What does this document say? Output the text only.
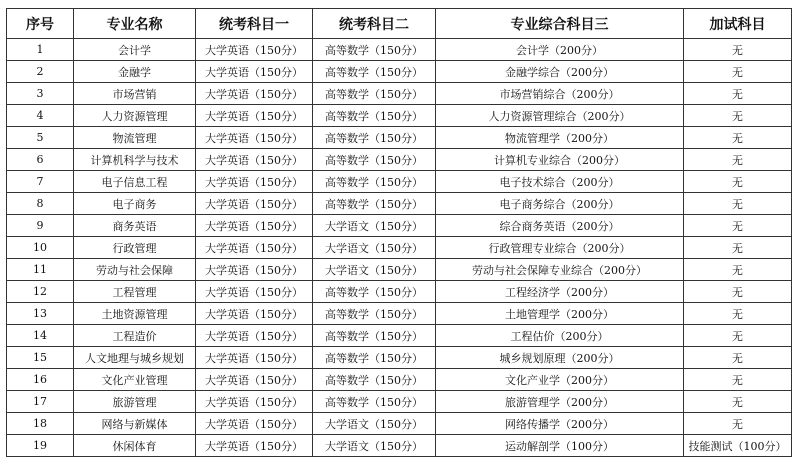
序号	专业名称	统考科目一	统考科目二	专业综合科目三	加试科目
1	会计学	大学英语（150分）	高等数学（150分）	会计学（200分）	无
2	金融学	大学英语（150分）	高等数学（150分）	金融学综合（200分）	无
3	市场营销	大学英语（150分）	高等数学（150分）	市场营销综合（200分）	无
4	人力资源管理	大学英语（150分）	高等数学（150分）	人力资源管理综合（200分）	无
5	物流管理	大学英语（150分）	高等数学（150分）	物流管理学（200分）	无
6	计算机科学与技术	大学英语（150分）	高等数学（150分）	计算机专业综合（200分）	无
7	电子信息工程	大学英语（150分）	高等数学（150分）	电子技术综合（200分）	无
8	电子商务	大学英语（150分）	高等数学（150分）	电子商务综合（200分）	无
9	商务英语	大学英语（150分）	大学语文（150分）	综合商务英语（200分）	无
10	行政管理	大学英语（150分）	大学语文（150分）	行政管理专业综合（200分）	无
11	劳动与社会保障	大学英语（150分）	大学语文（150分）	劳动与社会保障专业综合（200分）	无
12	工程管理	大学英语（150分）	高等数学（150分）	工程经济学（200分）	无
13	土地资源管理	大学英语（150分）	高等数学（150分）	土地管理学（200分）	无
14	工程造价	大学英语（150分）	高等数学（150分）	工程估价（200分）	无
15	人文地理与城乡规划	大学英语（150分）	高等数学（150分）	城乡规划原理（200分）	无
16	文化产业管理	大学英语（150分）	高等数学（150分）	文化产业学（200分）	无
17	旅游管理	大学英语（150分）	高等数学（150分）	旅游管理学（200分）	无
18	网络与新媒体	大学英语（150分）	大学语文（150分）	网络传播学（200分）	无
19	休闲体育	大学英语（150分）	大学语文（150分）	运动解剖学（100分）	技能测试（100分）
